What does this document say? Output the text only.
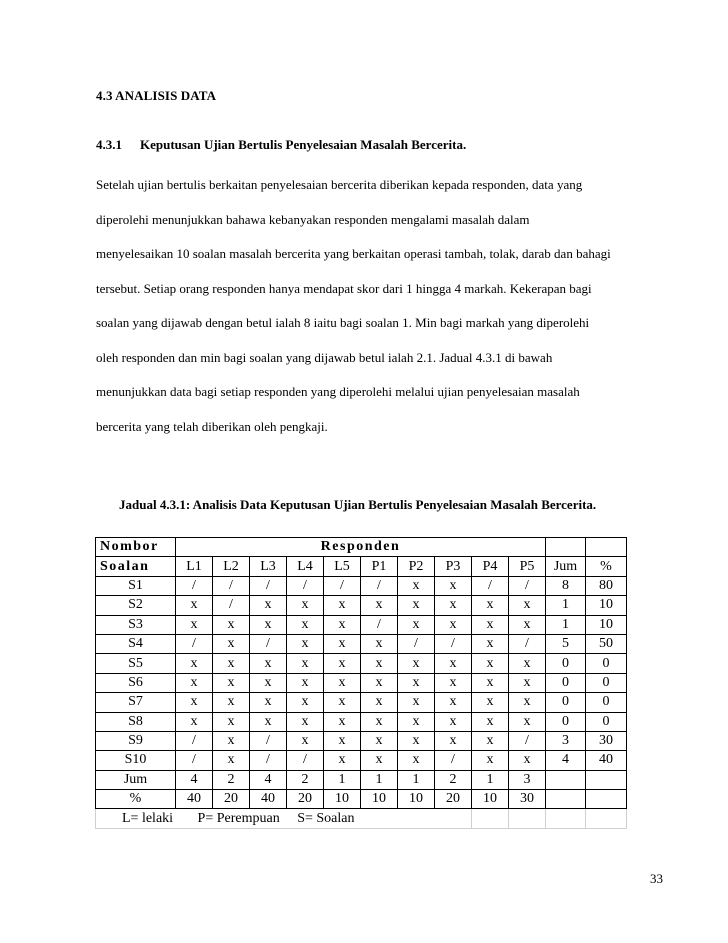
4.3 ANALISIS DATA
4.3.1 Keputusan Ujian Bertulis Penyelesaian Masalah Bercerita.
Setelah ujian bertulis berkaitan penyelesaian bercerita diberikan kepada responden, data yang
diperolehi menunjukkan bahawa kebanyakan responden mengalami masalah dalam
menyelesaikan 10 soalan masalah bercerita yang berkaitan operasi tambah, tolak, darab dan bahagi
tersebut. Setiap orang responden hanya mendapat skor dari 1 hingga 4 markah. Kekerapan bagi
soalan yang dijawab dengan betul ialah 8 iaitu bagi soalan 1. Min bagi markah yang diperolehi
oleh responden dan min bagi soalan yang dijawab betul ialah 2.1. Jadual 4.3.1 di bawah
menunjukkan data bagi setiap responden yang diperolehi melalui ujian penyelesaian masalah
bercerita yang telah diberikan oleh pengkaji.
Jadual 4.3.1: Analisis Data Keputusan Ujian Bertulis Penyelesaian Masalah Bercerita.
Nombor	Responden											
Soalan	L1	L2	L3	L4	L5	P1	P2	P3	P4	P5	Jum	%
S1	/	/	/	/	/	/	x	x	/	/	8	80
S2	x	/	x	x	x	x	x	x	x	x	1	10
S3	x	x	x	x	x	/	x	x	x	x	1	10
S4	/	x	/	x	x	x	/	/	x	/	5	50
S5	x	x	x	x	x	x	x	x	x	x	0	0
S6	x	x	x	x	x	x	x	x	x	x	0	0
S7	x	x	x	x	x	x	x	x	x	x	0	0
S8	x	x	x	x	x	x	x	x	x	x	0	0
S9	/	x	/	x	x	x	x	x	x	/	3	30
S10	/	x	/	/	x	x	x	/	x	x	4	40
Jum	4	2	4	2	1	1	1	2	1	3		
%	40	20	40	20	10	10	10	20	10	30		
L= lelaki       P= Perempuan     S= Soalan												
33
